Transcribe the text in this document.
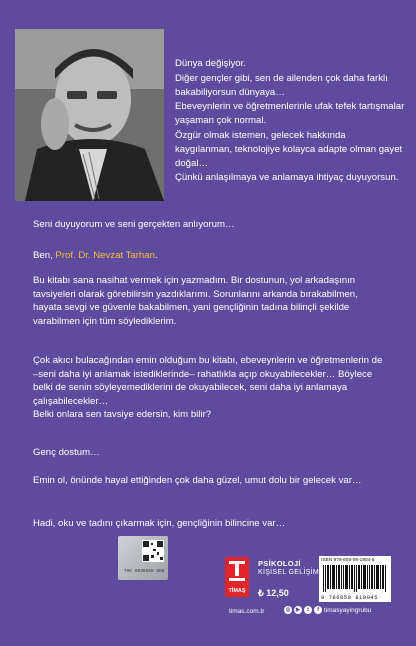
Dünya değişiyor.

Diğer gençler gibi, sen de ailenden çok daha farklı bakabiliyorsun dünyaya…

Ebeveynlerin ve öğretmenlerinle ufak tefek tartışmalar yaşaman çok normal.

Özgür olmak istemen, gelecek hakkında kaygılanman, teknolojiye kolayca adapte olman gayet doğal…

Çünkü anlaşılmaya ve anlamaya ihtiyaç duyuyorsun.

Seni duyuyorum ve seni gerçekten anlıyorum…

Ben, Prof. Dr. Nevzat Tarhan.

Bu kitabı sana nasihat vermek için yazmadım. Bir dostunun, yol arkadaşının tavsiyeleri olarak görebilirsin yazdıklarımı. Sorunlarını arkanda bırakabilmen, hayata sevgi ve güvenle bakabilmen, yani gençliğinin tadına bilinçli şekilde varabilmen için tüm söylediklerim.

Çok akıcı bulacağından emin olduğum bu kitabı, ebeveynlerin ve öğretmenlerin de –seni daha iyi anlamak istediklerinde– rahatlıkla açıp okuyabilecekler… Böylece belki de senin söyleyemediklerini de okuyabilecek, seni daha iyi anlamaya çalışabilecekler…

Belki onlara sen tavsiye edersin, kim bilir?

Genç dostum…

Emin ol, önünde hayal ettiğinden çok daha güzel, umut dolu bir gelecek var…

Hadi, oku ve tadını çıkarmak için, gençliğinin bilincine var…

THG 0836568 GE8
TİMAŞ
PSİKOLOJİ
KİŞİSEL GELİŞİM
₺ 12,50
ISBN 978-605-08-1904-5
9 786050 819045
timas.com.tr	◎ ▶	t	f timasyayingrubu
